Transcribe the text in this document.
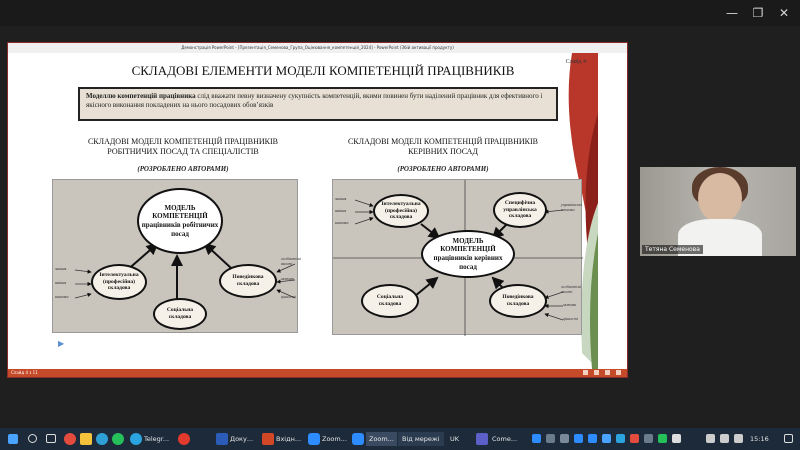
— ❐ ✕
Демонстрація PowerPoint - [Презентація_Семенова_Група_Оцінювання_компетенцій_2024] - PowerPoint (Збій активації продукту)
СКЛАДОВІ ЕЛЕМЕНТИ МОДЕЛІ КОМПЕТЕНЦІЙ ПРАЦІВНИКІВ
Слайд 4
Моделлю компетенцій працівника слід вважати певну визначену сукупність компетенцій, якими повинен бути наділений працівник для ефективного і якісного виконання покладених на нього посадових обов’язків
СКЛАДОВІ МОДЕЛІ КОМПЕТЕНЦІЙ ПРАЦІВНИКІВ РОБІТНИЧИХ ПОСАД ТА СПЕЦІАЛІСТІВ
(РОЗРОБЛЕНО АВТОРАМИ)
МОДЕЛЬ КОМПЕТЕНЦІЙ працівників робітничих посад
Інтелектуальна (професійна) складова
Соціальна складова
Поведінкова складова
знання
вміння
навички
особистісні якості
мотиви
цінності
СКЛАДОВІ МОДЕЛІ КОМПЕТЕНЦІЙ ПРАЦІВНИКІВ КЕРІВНИХ ПОСАД
(РОЗРОБЛЕНО АВТОРАМИ)
МОДЕЛЬ КОМПЕТЕНЦІЙ працівників керівних посад
Інтелектуальна (професійна) складова
Специфічна управлінська складова
Соціальна складова
Поведінкова складова
знання
вміння
навички
управлінські навички
особистісні якості
мотиви
цінності
Слайд 4 з 11
▶
Тетяна Семенова
Telegr...	Доку...	Вхідн...	Zoom...	Zoom...	Від мережі	UK	Come...	15:16
